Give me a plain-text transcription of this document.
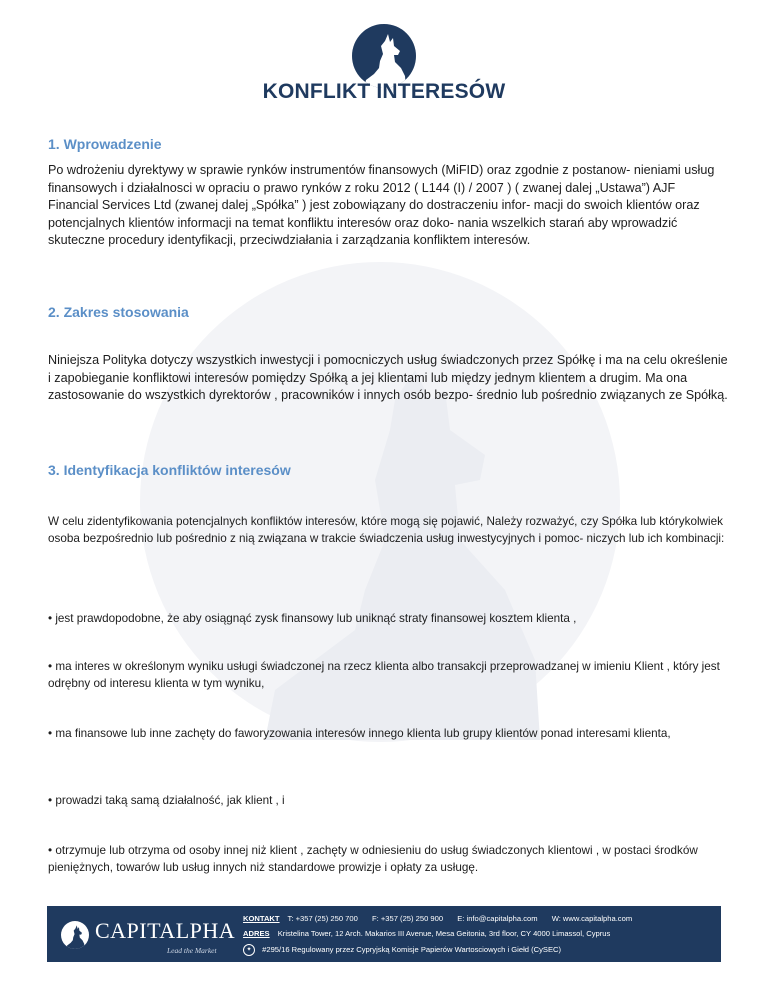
KONFLIKT INTERESÓW
1. Wprowadzenie
Po wdrożeniu dyrektywy w sprawie rynków instrumentów finansowych (MiFID) oraz zgodnie z postanow- nieniami usług finansowych i działalnosci w opraciu o prawo rynków z roku 2012 ( L144 (I) / 2007 ) ( zwanej dalej „Ustawa”) AJF Financial Services Ltd (zwanej dalej „Spółka” ) jest zobowiązany do dostraczeniu infor- macji do swoich klientów oraz potencjalnych klientów informacji na temat konfliktu interesów oraz doko- nania wszelkich starań aby wprowadzić skuteczne procedury identyfikacji, przeciwdziałania i zarządzania konfliktem interesów.
2. Zakres stosowania
Niniejsza Polityka dotyczy wszystkich inwestycji i pomocniczych usług świadczonych przez Spółkę i ma na celu określenie i zapobieganie konfliktowi interesów pomiędzy Spółką a jej klientami lub między jednym klientem a drugim. Ma ona zastosowanie do wszystkich dyrektorów , pracowników i innych osób bezpo- średnio lub pośrednio związanych ze Spółką.
3. Identyfikacja konfliktów interesów
W celu zidentyfikowania potencjalnych konfliktów interesów, które mogą się pojawić, Należy rozważyć, czy Spółka lub którykolwiek osoba bezpośrednio lub pośrednio z nią związana w trakcie świadczenia usług inwestycyjnych i pomoc- niczych lub ich kombinacji:
• jest prawdopodobne, że aby osiągnąć zysk finansowy lub uniknąć straty finansowej kosztem klienta ,
• ma interes w określonym wyniku usługi świadczonej na rzecz klienta albo transakcji przeprowadzanej w imieniu Klient , który jest odrębny od interesu klienta w tym wyniku,
• ma finansowe lub inne zachęty do faworyzowania interesów innego klienta lub grupy klientów ponad interesami klienta,
• prowadzi taką samą działalność, jak klient , i
• otrzymuje lub otrzyma od osoby innej niż klient , zachęty w odniesieniu do usług świadczonych klientowi , w postaci środków pieniężnych, towarów lub usług innych niż standardowe prowizje i opłaty za usługę.
CAPITALPHA
Lead the Market
KONTAKT T: +357 (25) 250 700 F: +357 (25) 250 900 E: info@capitalpha.com W: www.capitalpha.com
ADRES Kristelina Tower, 12 Arch. Makarios III Avenue, Mesa Geitonia, 3rd floor, CY 4000 Limassol, Cyprus
✦ #295/16 Regulowany przez Cypryjską Komisje Papierów Wartosciowych i Giełd (CySEC)
